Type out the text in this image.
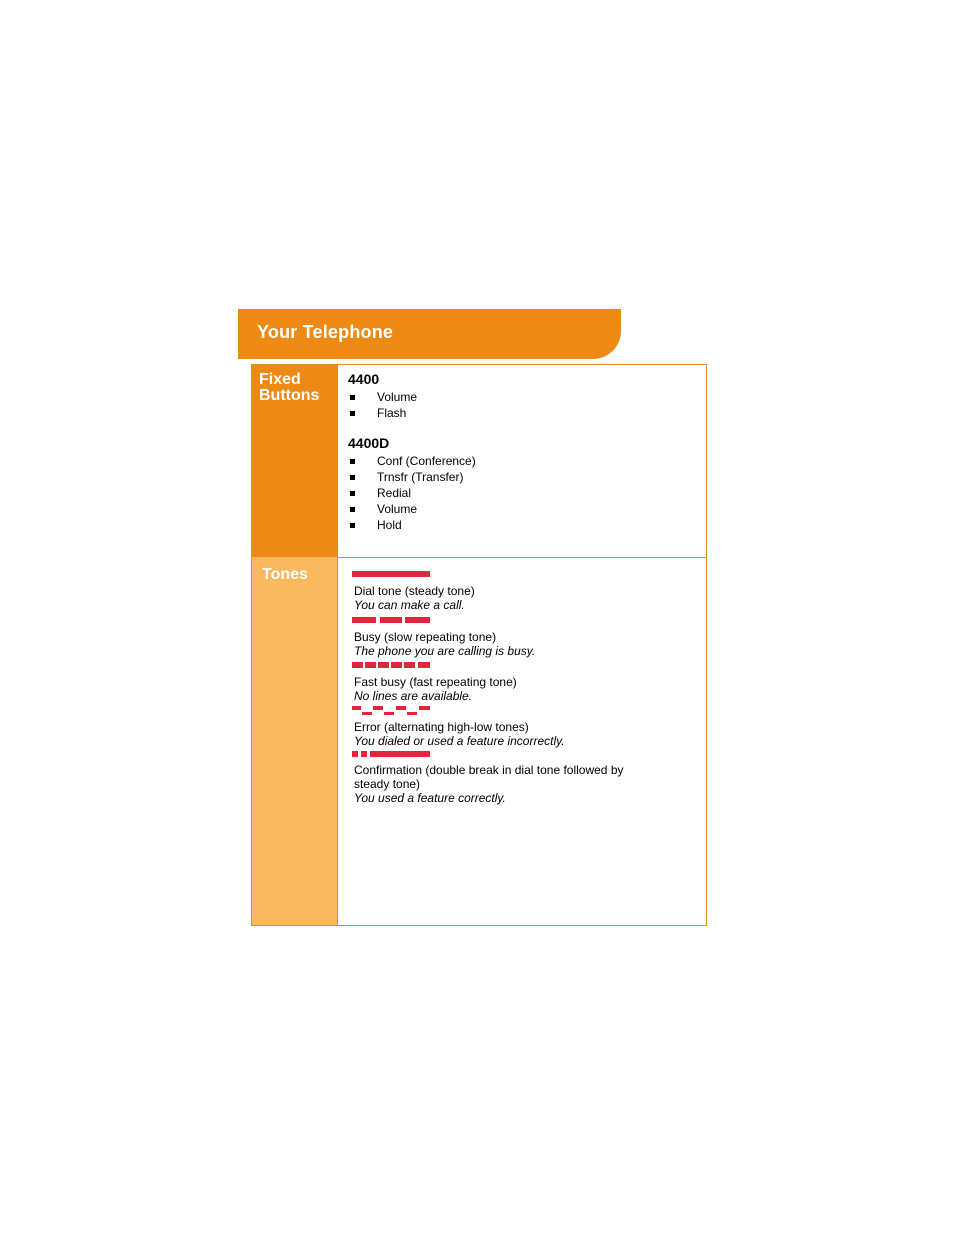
Your Telephone
Fixed
Buttons
4400
Volume
Flash
4400D
Conf (Conference)
Trnsfr (Transfer)
Redial
Volume
Hold
Tones
Dial tone (steady tone)
You can make a call.
Busy (slow repeating tone)
The phone you are calling is busy.
Fast busy (fast repeating tone)
No lines are available.
Error (alternating high-low tones)
You dialed or used a feature incorrectly.
Confirmation (double break in dial tone followed by steady tone)
You used a feature correctly.
